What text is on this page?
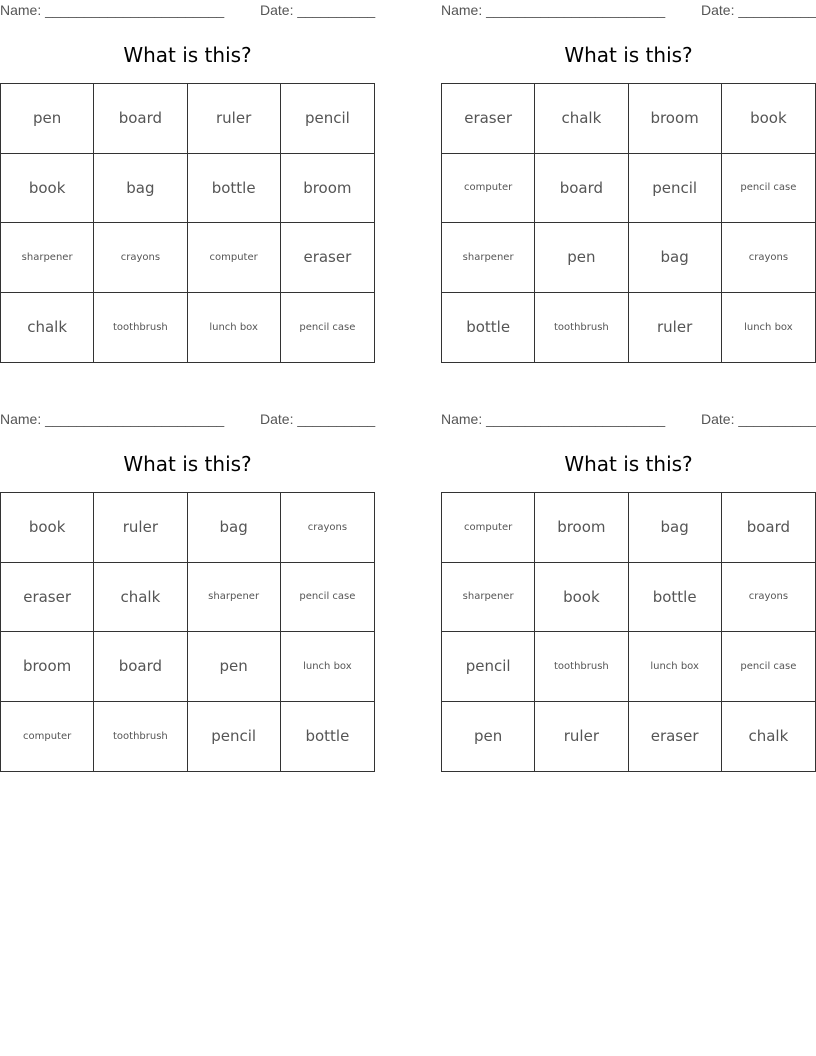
Name: _______________________	Date: __________
What is this?
pen	board	ruler	pencil
book	bag	bottle	broom
sharpener	crayons	computer	eraser
chalk	toothbrush	lunch box	pencil case
Name: _______________________	Date: __________
What is this?
eraser	chalk	broom	book
computer	board	pencil	pencil case
sharpener	pen	bag	crayons
bottle	toothbrush	ruler	lunch box
Name: _______________________	Date: __________
What is this?
book	ruler	bag	crayons
eraser	chalk	sharpener	pencil case
broom	board	pen	lunch box
computer	toothbrush	pencil	bottle
Name: _______________________	Date: __________
What is this?
computer	broom	bag	board
sharpener	book	bottle	crayons
pencil	toothbrush	lunch box	pencil case
pen	ruler	eraser	chalk
